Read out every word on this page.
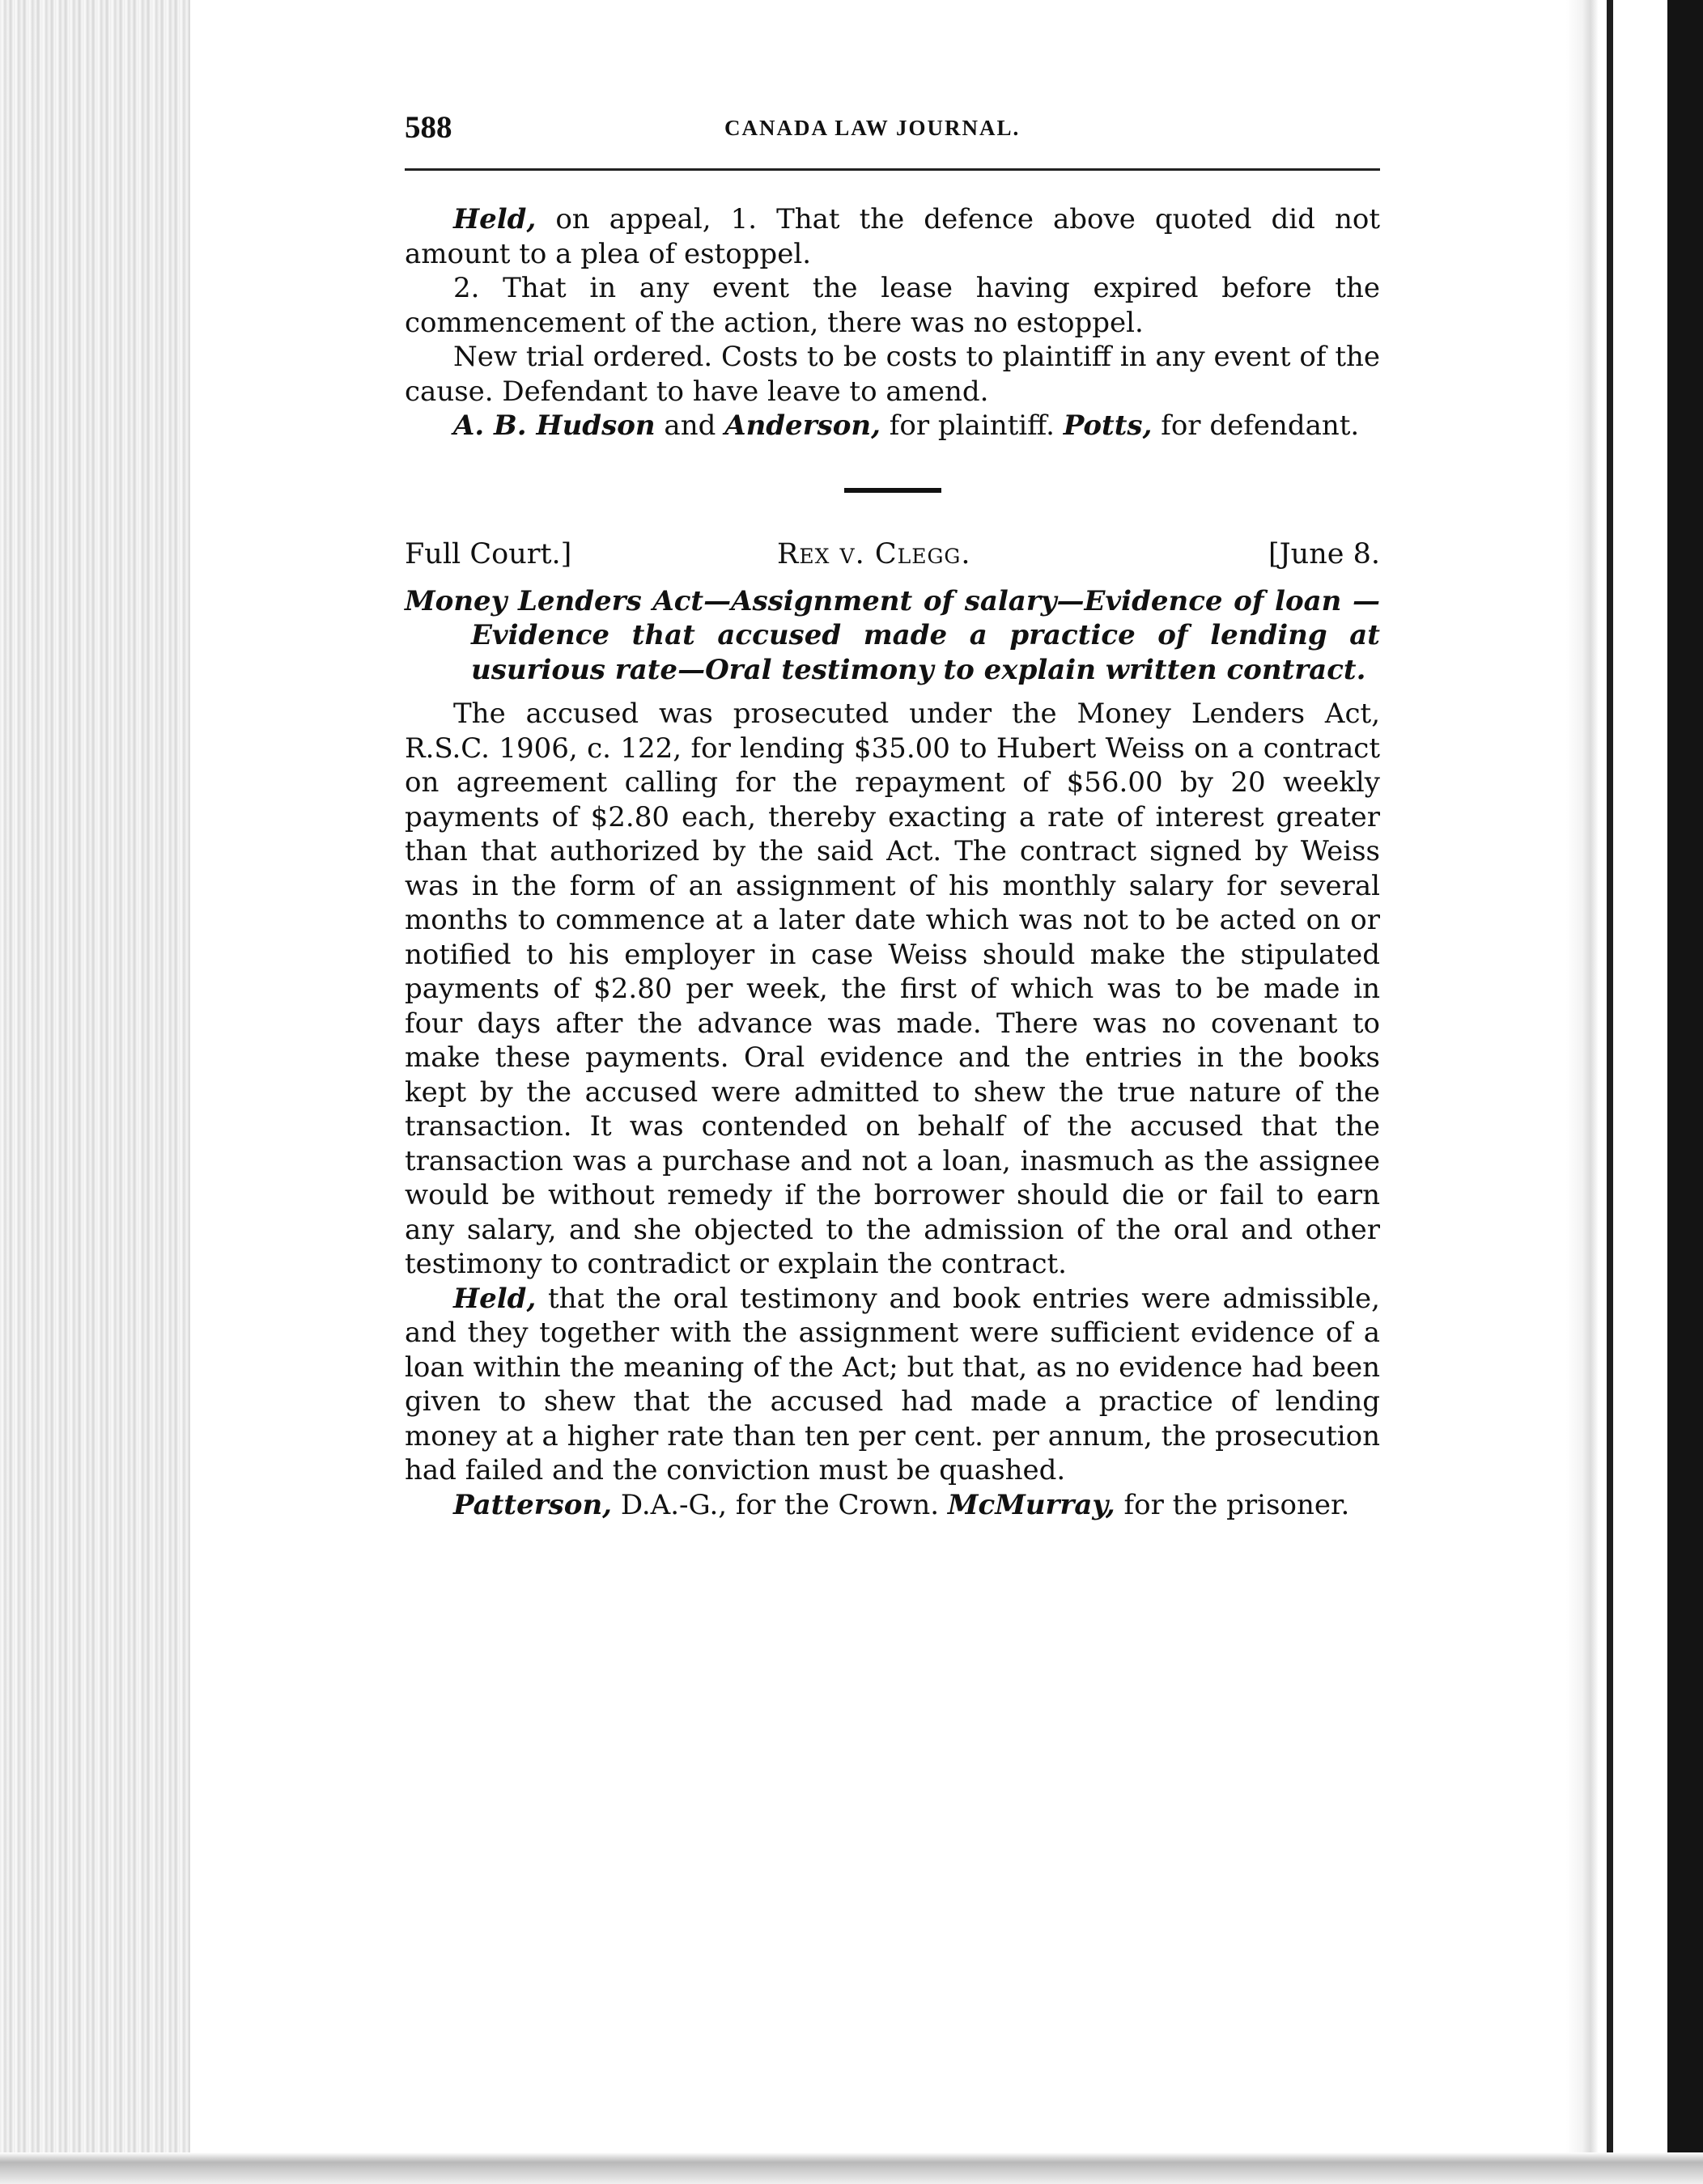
588	CANADA LAW JOURNAL.

Held, on appeal, 1. That the defence above quoted did not amount to a plea of estoppel.

2. That in any event the lease having expired before the commencement of the action, there was no estoppel.

New trial ordered. Costs to be costs to plaintiff in any event of the cause. Defendant to have leave to amend.

A. B. Hudson and Anderson, for plaintiff. Potts, for defendant.

Full Court.]	Rex v. Clegg.	[June 8.

Money Lenders Act—Assignment of salary—Evidence of loan —Evidence that accused made a practice of lending at usurious rate—Oral testimony to explain written contract.

The accused was prosecuted under the Money Lenders Act, R.S.C. 1906, c. 122, for lending $35.00 to Hubert Weiss on a contract on agreement calling for the repayment of $56.00 by 20 weekly payments of $2.80 each, thereby exacting a rate of interest greater than that authorized by the said Act. The contract signed by Weiss was in the form of an assignment of his monthly salary for several months to commence at a later date which was not to be acted on or notified to his employer in case Weiss should make the stipulated payments of $2.80 per week, the first of which was to be made in four days after the advance was made. There was no covenant to make these payments. Oral evidence and the entries in the books kept by the accused were admitted to shew the true nature of the transaction. It was contended on behalf of the accused that the transaction was a purchase and not a loan, inasmuch as the assignee would be without remedy if the borrower should die or fail to earn any salary, and she objected to the admission of the oral and other testimony to contradict or explain the contract.

Held, that the oral testimony and book entries were admissible, and they together with the assignment were sufficient evidence of a loan within the meaning of the Act; but that, as no evidence had been given to shew that the accused had made a practice of lending money at a higher rate than ten per cent. per annum, the prosecution had failed and the conviction must be quashed.

Patterson, D.A.-G., for the Crown. McMurray, for the prisoner.
